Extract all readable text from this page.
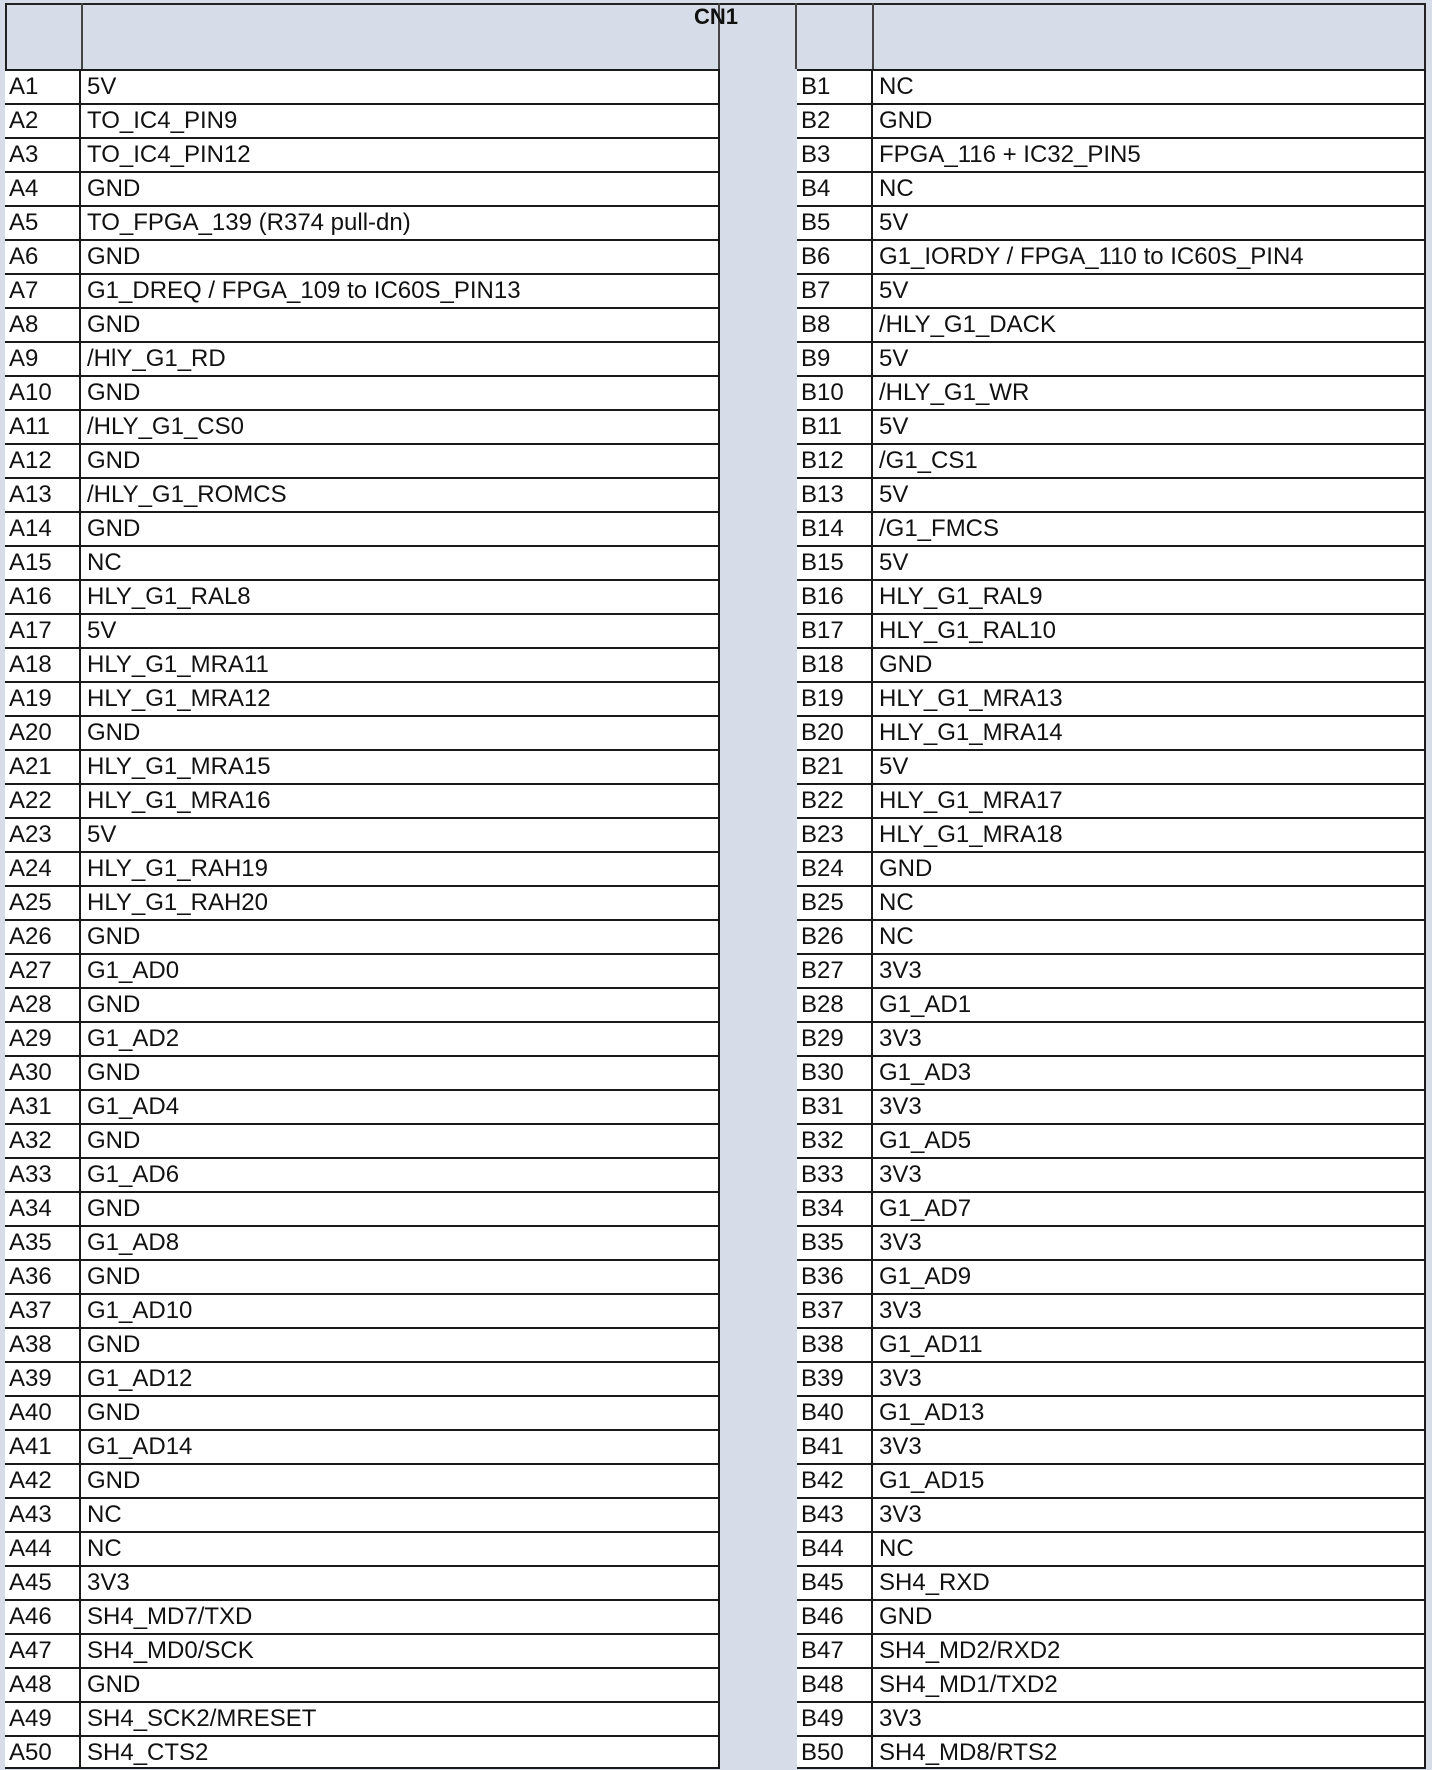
CN1
A1	5V
A2	TO_IC4_PIN9
A3	TO_IC4_PIN12
A4	GND
A5	TO_FPGA_139 (R374 pull-dn)
A6	GND
A7	G1_DREQ / FPGA_109 to IC60S_PIN13
A8	GND
A9	/HlY_G1_RD
A10	GND
A11	/HLY_G1_CS0
A12	GND
A13	/HLY_G1_ROMCS
A14	GND
A15	NC
A16	HLY_G1_RAL8
A17	5V
A18	HLY_G1_MRA11
A19	HLY_G1_MRA12
A20	GND
A21	HLY_G1_MRA15
A22	HLY_G1_MRA16
A23	5V
A24	HLY_G1_RAH19
A25	HLY_G1_RAH20
A26	GND
A27	G1_AD0
A28	GND
A29	G1_AD2
A30	GND
A31	G1_AD4
A32	GND
A33	G1_AD6
A34	GND
A35	G1_AD8
A36	GND
A37	G1_AD10
A38	GND
A39	G1_AD12
A40	GND
A41	G1_AD14
A42	GND
A43	NC
A44	NC
A45	3V3
A46	SH4_MD7/TXD
A47	SH4_MD0/SCK
A48	GND
A49	SH4_SCK2/MRESET
A50	SH4_CTS2
B1	NC
B2	GND
B3	FPGA_116 + IC32_PIN5
B4	NC
B5	5V
B6	G1_IORDY / FPGA_110 to IC60S_PIN4
B7	5V
B8	/HLY_G1_DACK
B9	5V
B10	/HLY_G1_WR
B11	5V
B12	/G1_CS1
B13	5V
B14	/G1_FMCS
B15	5V
B16	HLY_G1_RAL9
B17	HLY_G1_RAL10
B18	GND
B19	HLY_G1_MRA13
B20	HLY_G1_MRA14
B21	5V
B22	HLY_G1_MRA17
B23	HLY_G1_MRA18
B24	GND
B25	NC
B26	NC
B27	3V3
B28	G1_AD1
B29	3V3
B30	G1_AD3
B31	3V3
B32	G1_AD5
B33	3V3
B34	G1_AD7
B35	3V3
B36	G1_AD9
B37	3V3
B38	G1_AD11
B39	3V3
B40	G1_AD13
B41	3V3
B42	G1_AD15
B43	3V3
B44	NC
B45	SH4_RXD
B46	GND
B47	SH4_MD2/RXD2
B48	SH4_MD1/TXD2
B49	3V3
B50	SH4_MD8/RTS2
